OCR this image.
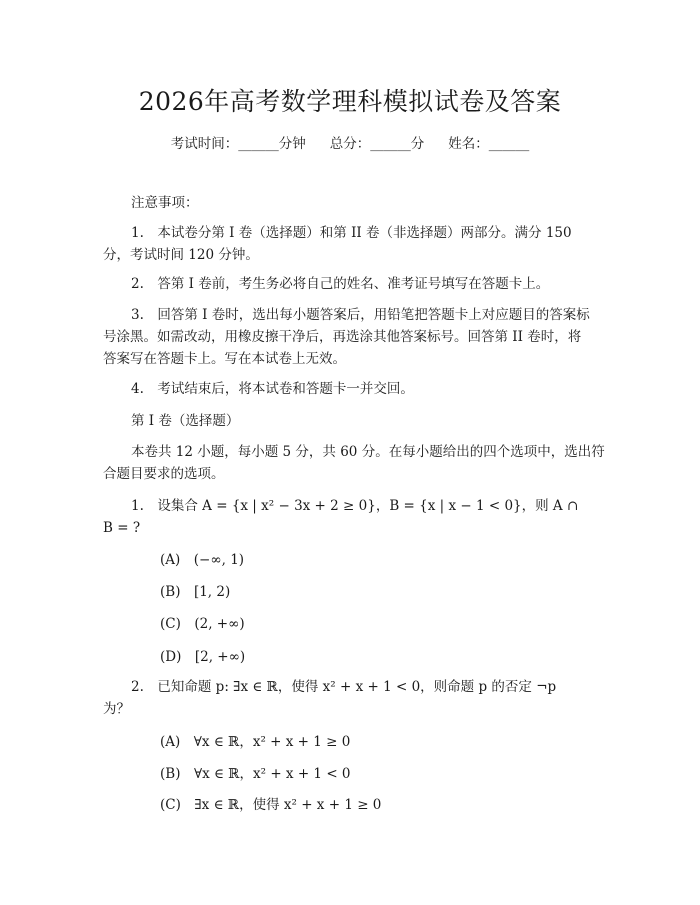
2026年高考数学理科模拟试卷及答案
考试时间：______分钟 总分：______分 姓名：______
注意事项：
1.　本试卷分第 I 卷（选择题）和第 II 卷（非选择题）两部分。满分 150
分，考试时间 120 分钟。
2.　答第 I 卷前，考生务必将自己的姓名、准考证号填写在答题卡上。
3.　回答第 I 卷时，选出每小题答案后，用铅笔把答题卡上对应题目的答案标
号涂黑。如需改动，用橡皮擦干净后，再选涂其他答案标号。回答第 II 卷时，将
答案写在答题卡上。写在本试卷上无效。
4.　考试结束后，将本试卷和答题卡一并交回。
第 I 卷（选择题）
本卷共 12 小题，每小题 5 分，共 60 分。在每小题给出的四个选项中，选出符
合题目要求的选项。
1.　设集合 A = {x | x² − 3x + 2 ≥ 0}，B = {x | x − 1 < 0}，则 A ∩
B = ?
(A)　(−∞, 1)
(B)　[1, 2)
(C)　(2, +∞)
(D)　[2, +∞)
2.　已知命题 p: ∃x ∈ ℝ，使得 x² + x + 1 < 0，则命题 p 的否定 ¬p
为？
(A)　∀x ∈ ℝ，x² + x + 1 ≥ 0
(B)　∀x ∈ ℝ，x² + x + 1 < 0
(C)　∃x ∈ ℝ，使得 x² + x + 1 ≥ 0
